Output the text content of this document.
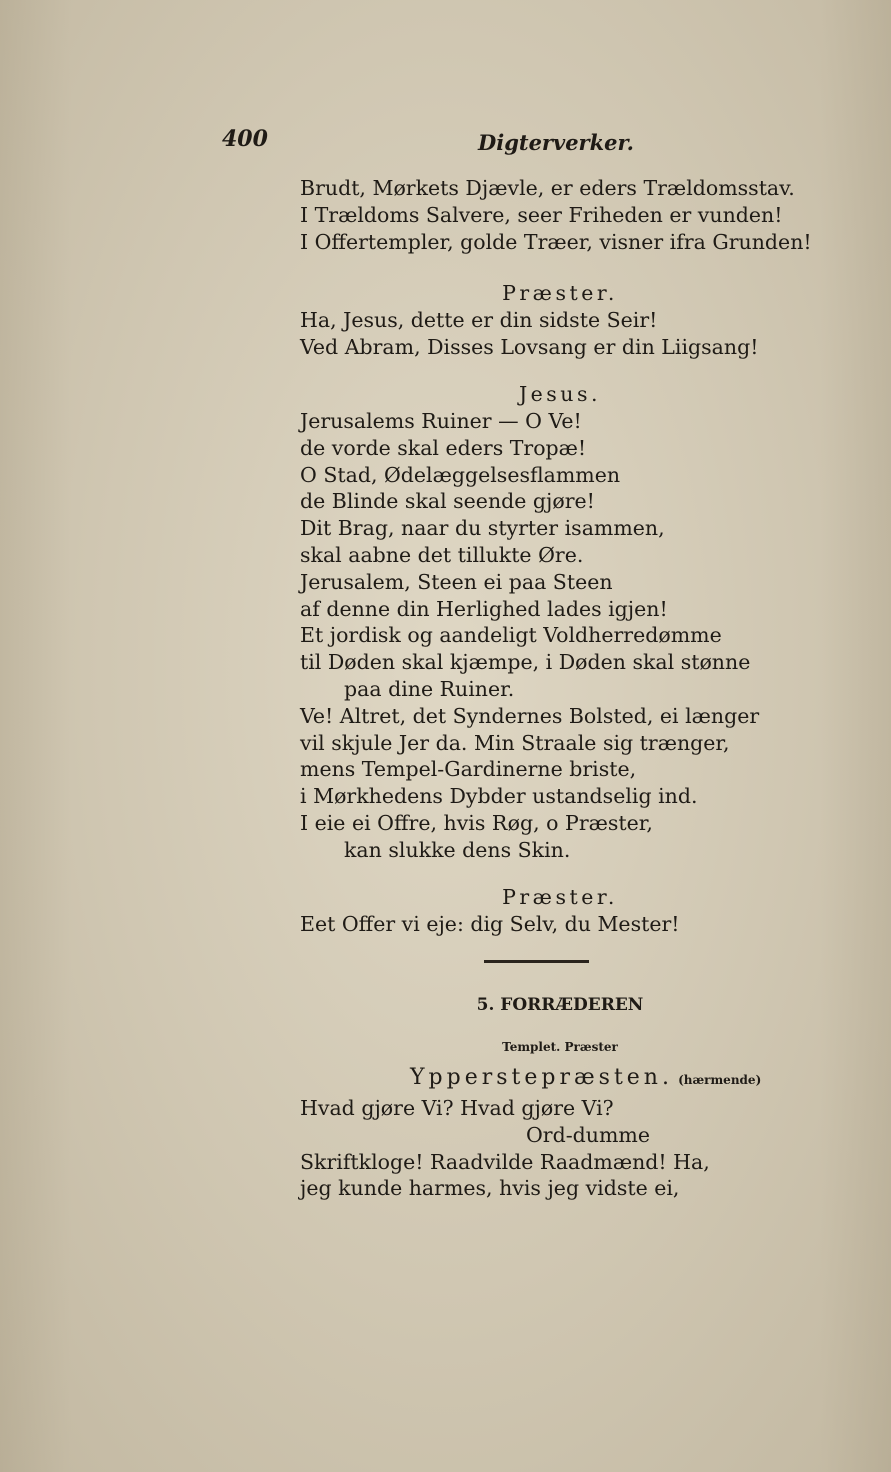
400	Digterverker.
Brudt, Mørkets Djævle, er eders Trældomsstav.
I Trældoms Salvere, seer Friheden er vunden!
I Offertempler, golde Træer, visner ifra Grunden!
Præster.
Ha, Jesus, dette er din sidste Seir!
Ved Abram, Disses Lovsang er din Liigsang!
Jesus.
Jerusalems Ruiner — O Ve!
de vorde skal eders Tropæ!
O Stad, Ødelæggelsesflammen
de Blinde skal seende gjøre!
Dit Brag, naar du styrter isammen,
skal aabne det tillukte Øre.
Jerusalem, Steen ei paa Steen
af denne din Herlighed lades igjen!
Et jordisk og aandeligt Voldherredømme
til Døden skal kjæmpe, i Døden skal stønne
paa dine Ruiner.
Ve! Altret, det Syndernes Bolsted, ei længer
vil skjule Jer da. Min Straale sig trænger,
mens Tempel-Gardinerne briste,
i Mørkhedens Dybder ustandselig ind.
I eie ei Offre, hvis Røg, o Præster,
kan slukke dens Skin.
Præster.
Eet Offer vi eje: dig Selv, du Mester!
5. FORRÆDEREN
Templet. Præster
Ypperstepræsten. (hærmende)
Hvad gjøre Vi? Hvad gjøre Vi?
Ord-dumme
Skriftkloge! Raadvilde Raadmænd! Ha,
jeg kunde harmes, hvis jeg vidste ei,
